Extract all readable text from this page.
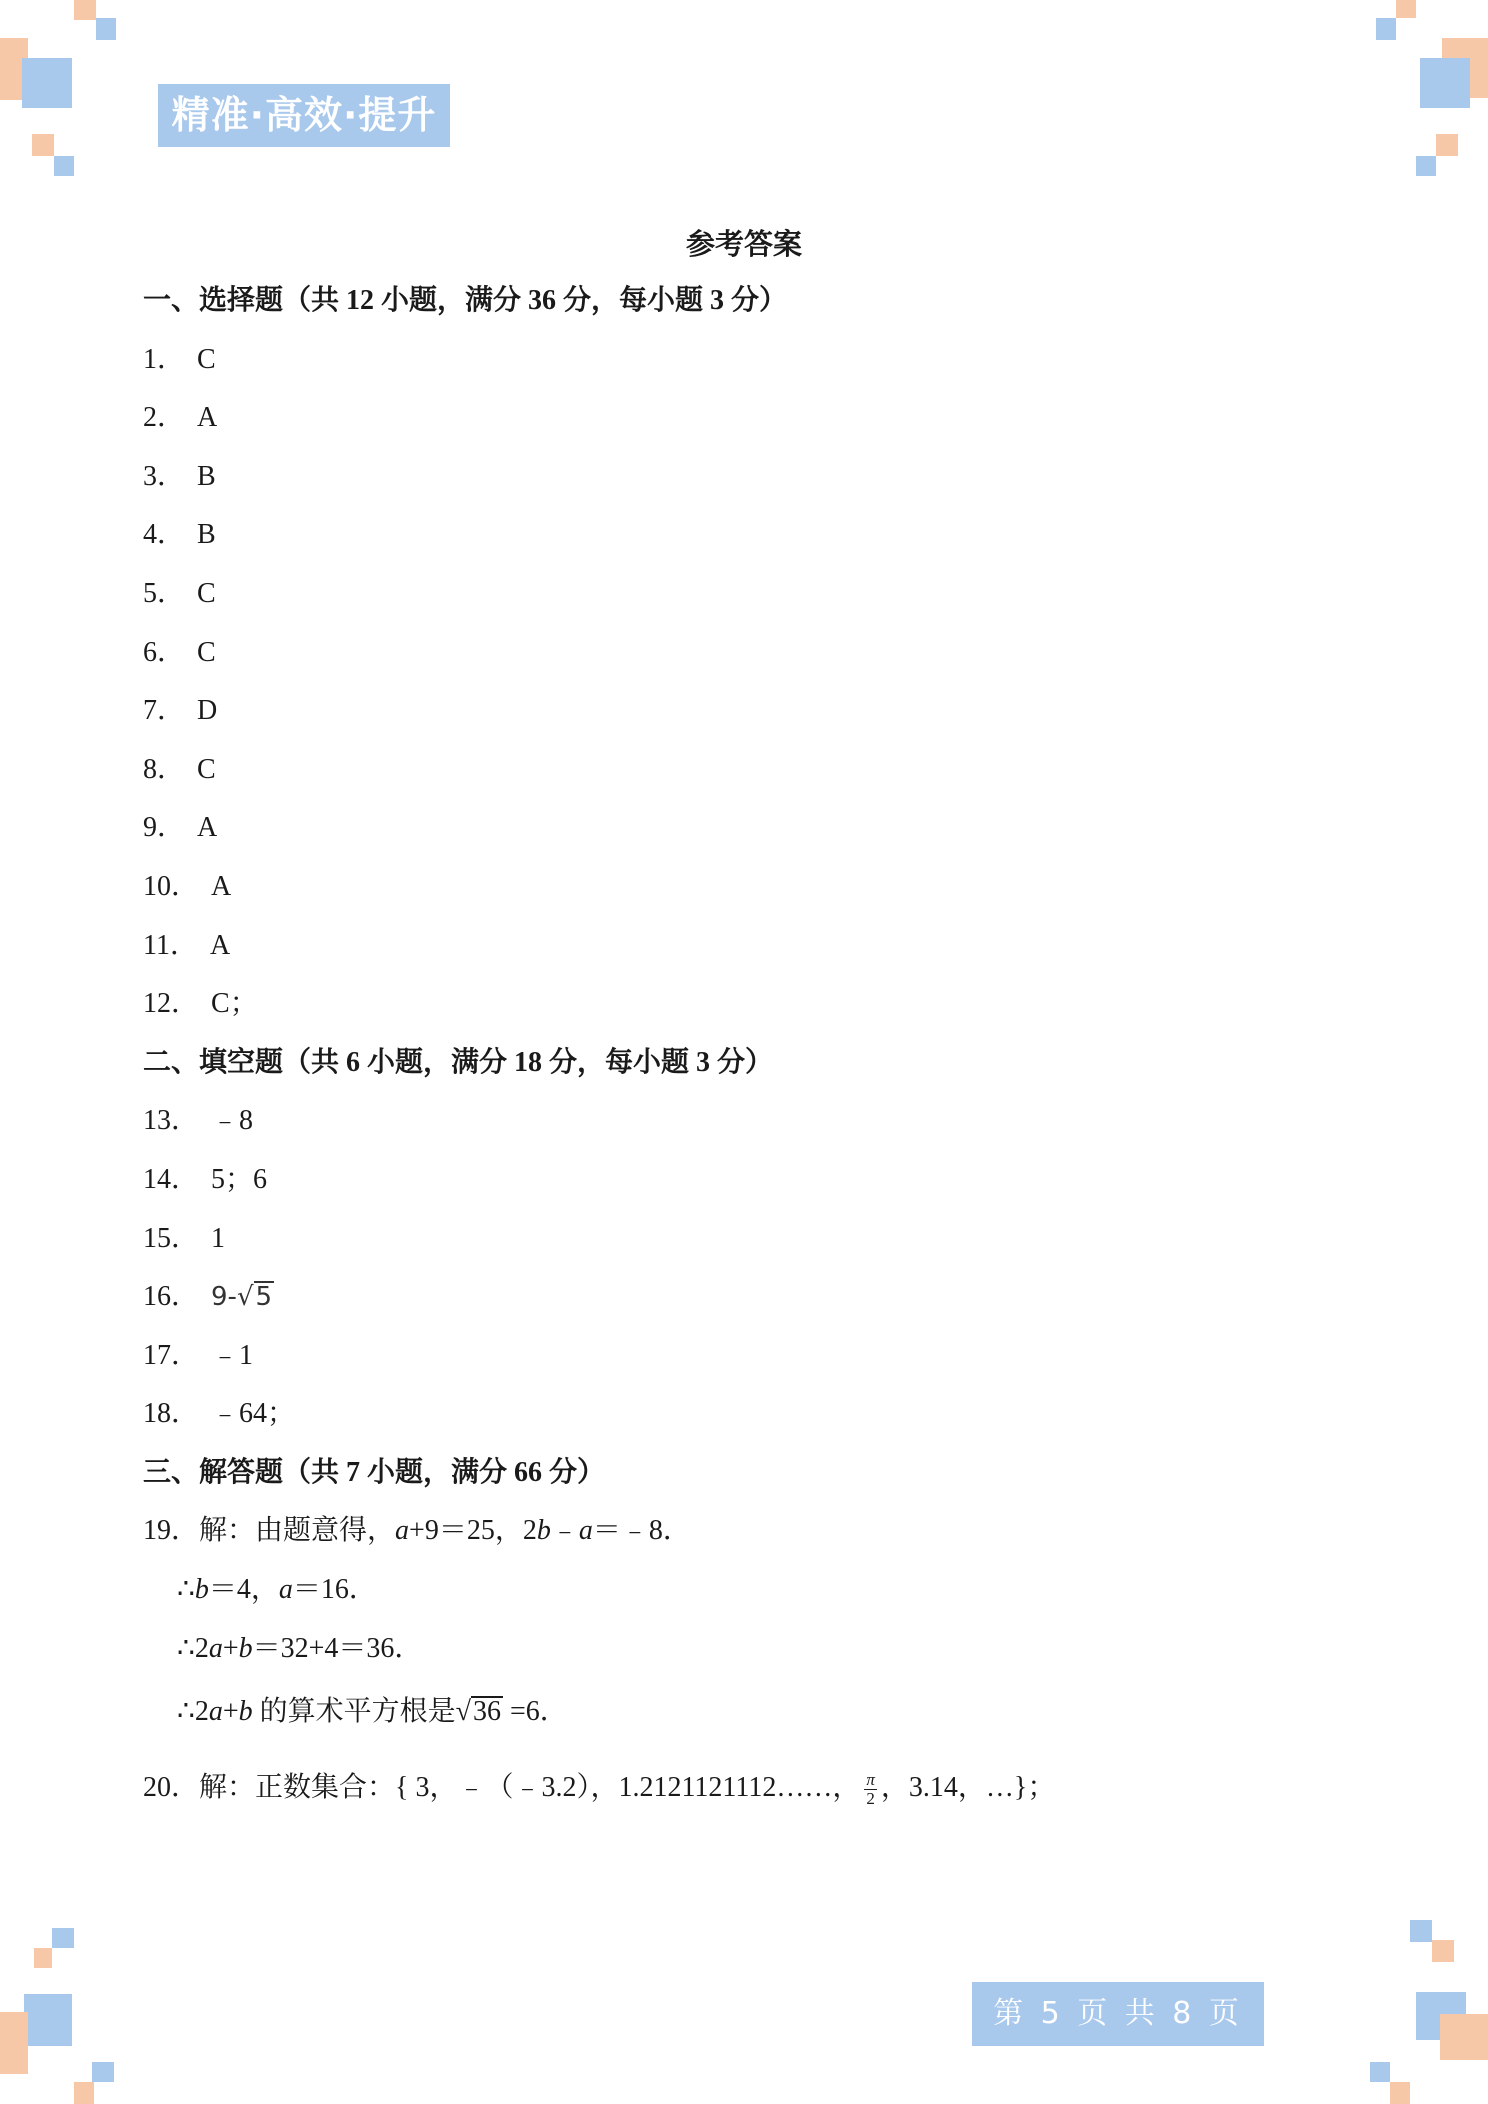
精准·高效·提升
参考答案
一、选择题（共 12 小题，满分 36 分，每小题 3 分）
1． C
2． A
3． B
4． B
5． C
6． C
7． D
8． C
9． A
10． A
11． A
12． C；
二、填空题（共 6 小题，满分 18 分，每小题 3 分）
13． ﹣8
14． 5；6
15． 1
16． 9-√5
17． ﹣1
18． ﹣64；
三、解答题（共 7 小题，满分 66 分）
19．解：由题意得，a+9＝25，2b﹣a＝﹣8．
∴b＝4，a＝16．
∴2a+b＝32+4＝36．
∴2a+b 的算术平方根是√36 =6．
20．解：正数集合：{ 3，﹣（﹣3.2），1.2121121112……， $\frac{\pi}{2}$ ，3.14，…}；
第 5 页 共 8 页
